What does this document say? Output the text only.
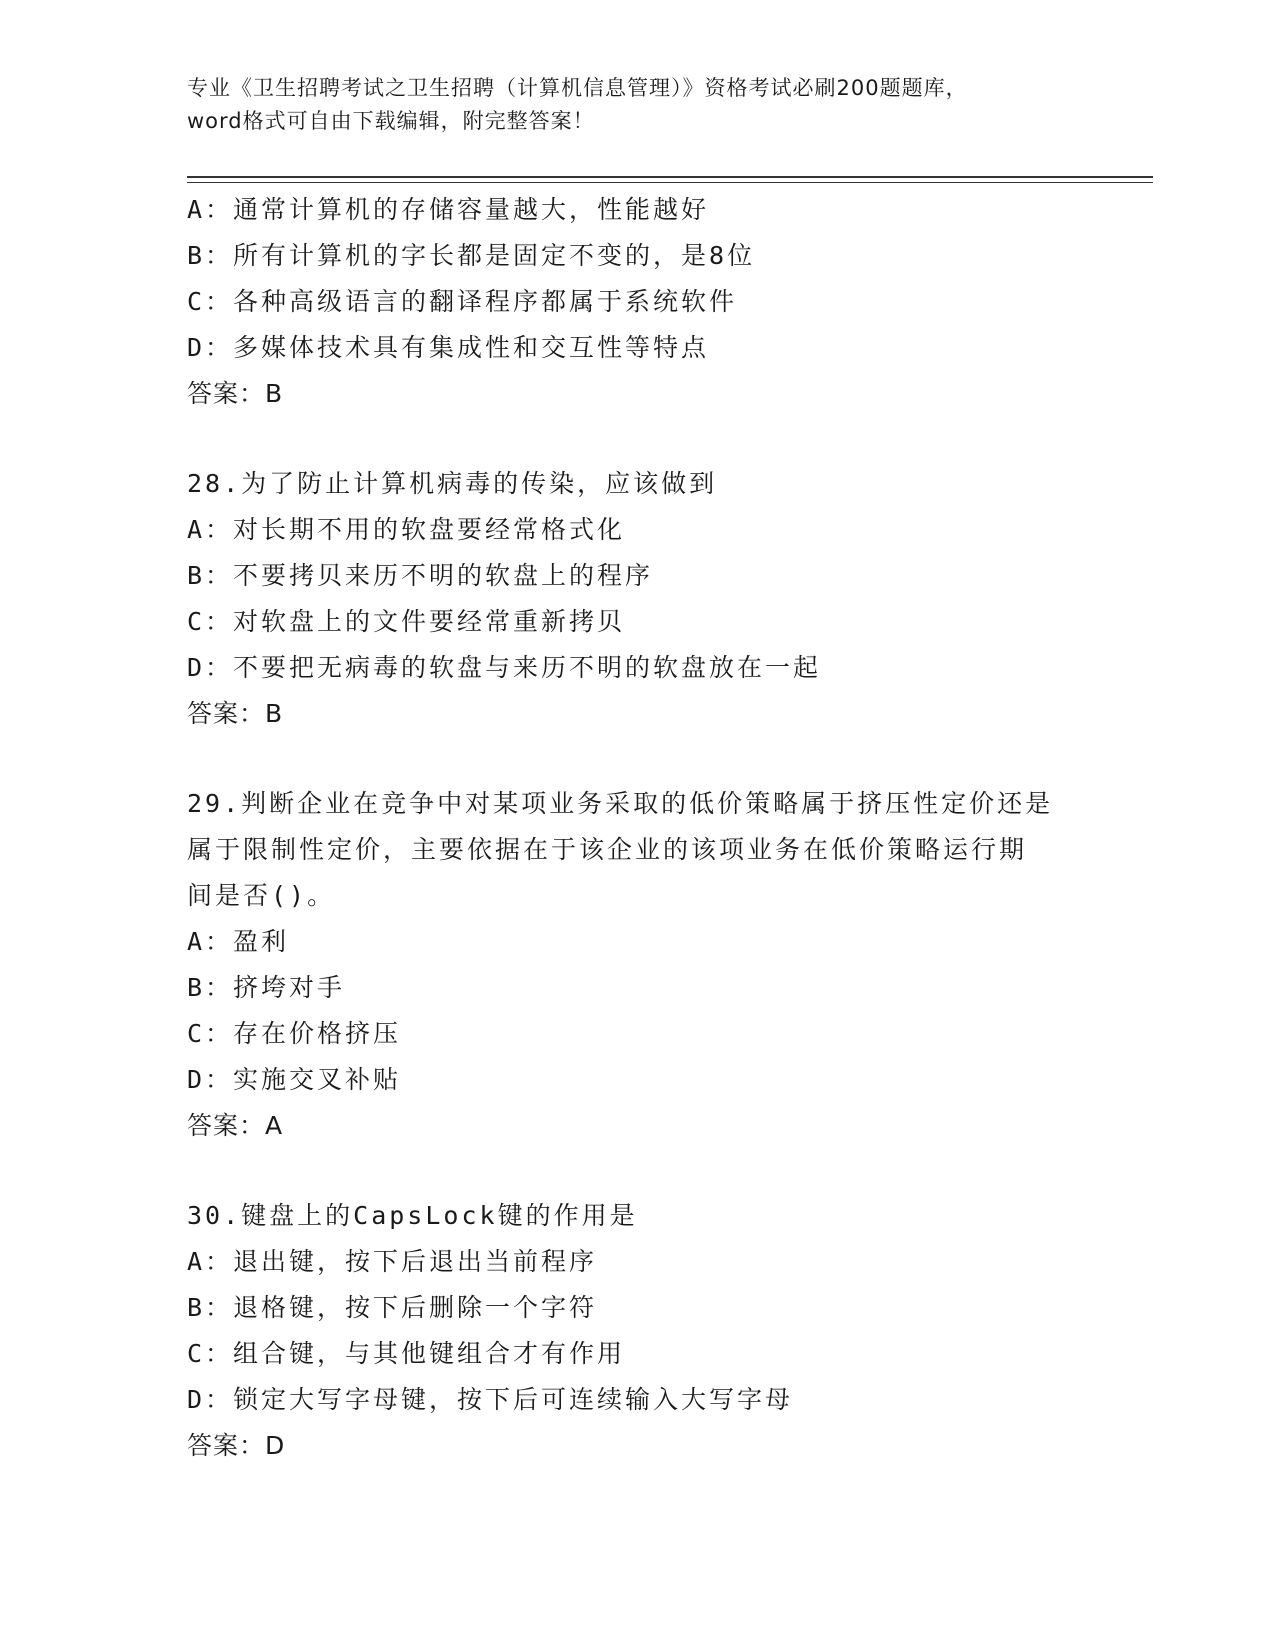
专业《卫生招聘考试之卫生招聘（计算机信息管理）》资格考试必刷200题题库，
word格式可自由下载编辑，附完整答案！
A：通常计算机的存储容量越大，性能越好
B：所有计算机的字长都是固定不变的，是8位
C：各种高级语言的翻译程序都属于系统软件
D：多媒体技术具有集成性和交互性等特点
答案：B
28.为了防止计算机病毒的传染，应该做到
A：对长期不用的软盘要经常格式化
B：不要拷贝来历不明的软盘上的程序
C：对软盘上的文件要经常重新拷贝
D：不要把无病毒的软盘与来历不明的软盘放在一起
答案：B
29.判断企业在竞争中对某项业务采取的低价策略属于挤压性定价还是
属于限制性定价，主要依据在于该企业的该项业务在低价策略运行期
间是否()。
A：盈利
B：挤垮对手
C：存在价格挤压
D：实施交叉补贴
答案：A
30.键盘上的CapsLock键的作用是
A：退出键，按下后退出当前程序
B：退格键，按下后删除一个字符
C：组合键，与其他键组合才有作用
D：锁定大写字母键，按下后可连续输入大写字母
答案：D
